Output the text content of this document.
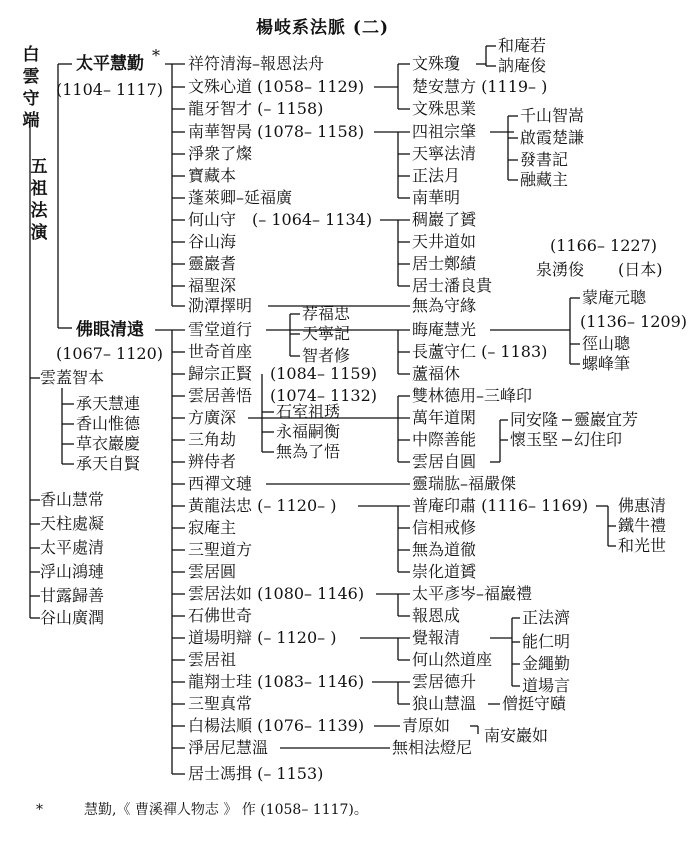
楊岐系法脈 (二)
白雲守端
五祖法演
太平慧勤 *
(1104– 1117)
佛眼清遠
(1067– 1120)
雲蓋智本
承天慧連
香山惟德
草衣巖慶
承天自賢
香山慧常
天柱處凝
太平處清
浮山鴻璉
甘露歸善
谷山廣潤
祥符清海–報恩法舟
文殊心道 (1058– 1129)
龍牙智才 (– 1158)
南華智昺 (1078– 1158)
淨衆了燦
寶藏本
蓬萊卿–延福廣
何山守　(– 1064– 1134)
谷山海
靈巖耆
福聖深
泐潭擇明
文殊瓊
楚安慧方 (1119– )
文殊思業
和庵若
訥庵俊
四祖宗肇
天寧法清
正法月
南華明
千山智嵩
啟霞楚謙
發書記
融藏主
稠巖了贇
天井道如
居士鄭績
居士潘良貴
無為守緣
(1166– 1227)
泉湧俊 (日本)
雪堂道行
世奇首座
歸宗正賢
雲居善悟
方廣深
三角劫
辨侍者
西禪文璉
黃龍法忠 (– 1120– )
寂庵主
三聖道方
雲居圓
雲居法如 (1080– 1146)
石佛世奇
道場明辯 (– 1120– )
雲居祖
龍翔士珪 (1083– 1146)
三聖真常
白楊法順 (1076– 1139)
淨居尼慧溫
居士馮揖 (– 1153)
(1084– 1159)
(1074– 1132)
荐福忠
天寧記
智者修
晦庵慧光
長蘆守仁 (– 1183)
蘆福休
蒙庵元聰
(1136– 1209)
徑山聰
螺峰筆
石室祖琇
永福嗣衡
無為了悟
雙林德用–三峰印
萬年道閑
中際善能
雲居自圓
同安隆
懷玉堅
靈巖宜芳
幻住印
靈瑞肱–福嚴傑
普庵印肅 (1116– 1169)
信相戒修
無為道徹
崇化道贇
佛惠清
鐵牛禮
和光世
太平彥岑–福巖禮
報恩成
覺報清
何山然道座
正法濟
能仁明
金繩勤
道場言
雲居德升
狼山慧溫 僧挺守賾
青原如
南安巖如
無相法燈尼
*	慧勤,《 曹溪禪人物志 》 作 (1058– 1117)。
